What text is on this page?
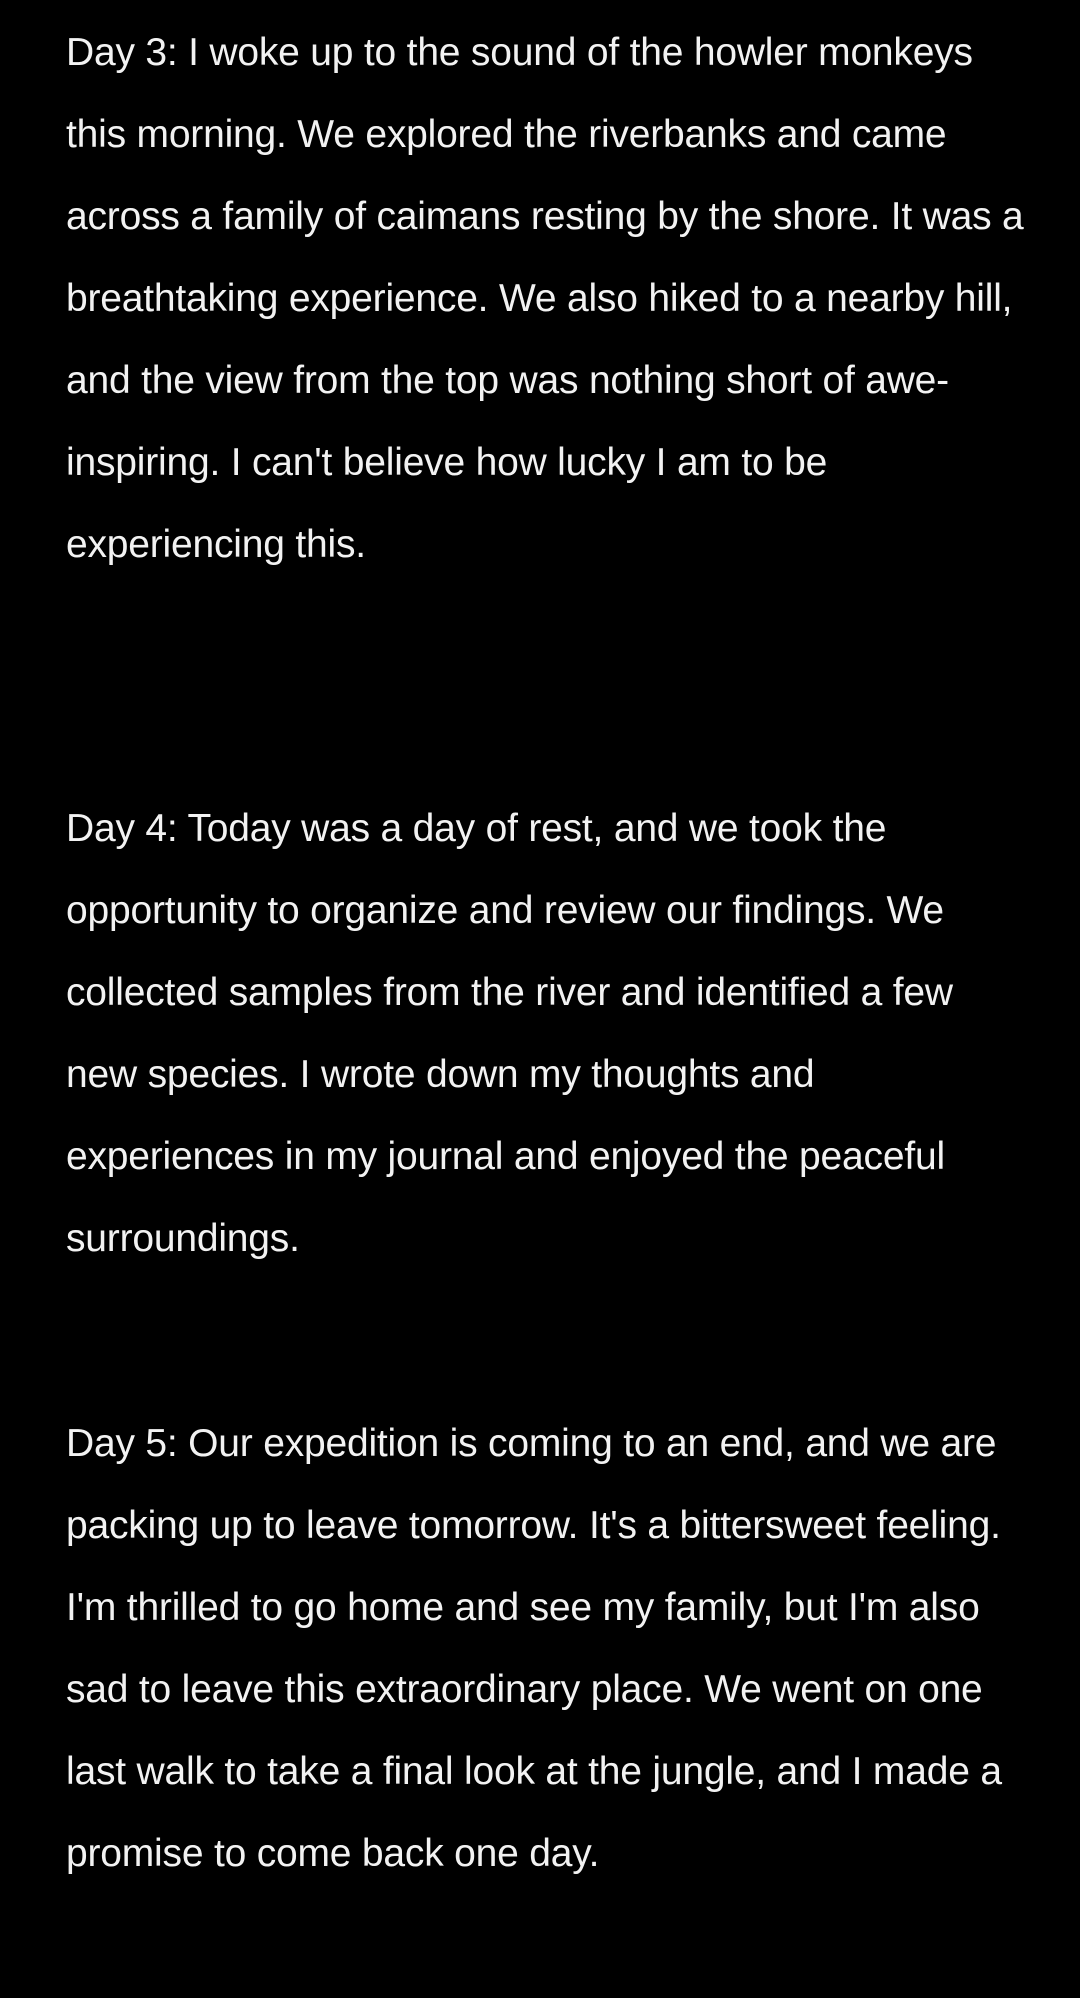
Day 3: I woke up to the sound of the howler monkeys this morning. We explored the riverbanks and came across a family of caimans resting by the shore. It was a breathtaking experience. We also hiked to a nearby hill, and the view from the top was nothing short of awe-inspiring. I can't believe how lucky I am to be experiencing this.

Day 4: Today was a day of rest, and we took the opportunity to organize and review our findings. We collected samples from the river and identified a few new species. I wrote down my thoughts and experiences in my journal and enjoyed the peaceful surroundings.

Day 5: Our expedition is coming to an end, and we are packing up to leave tomorrow. It's a bittersweet feeling. I'm thrilled to go home and see my family, but I'm also sad to leave this extraordinary place. We went on one last walk to take a final look at the jungle, and I made a promise to come back one day.
